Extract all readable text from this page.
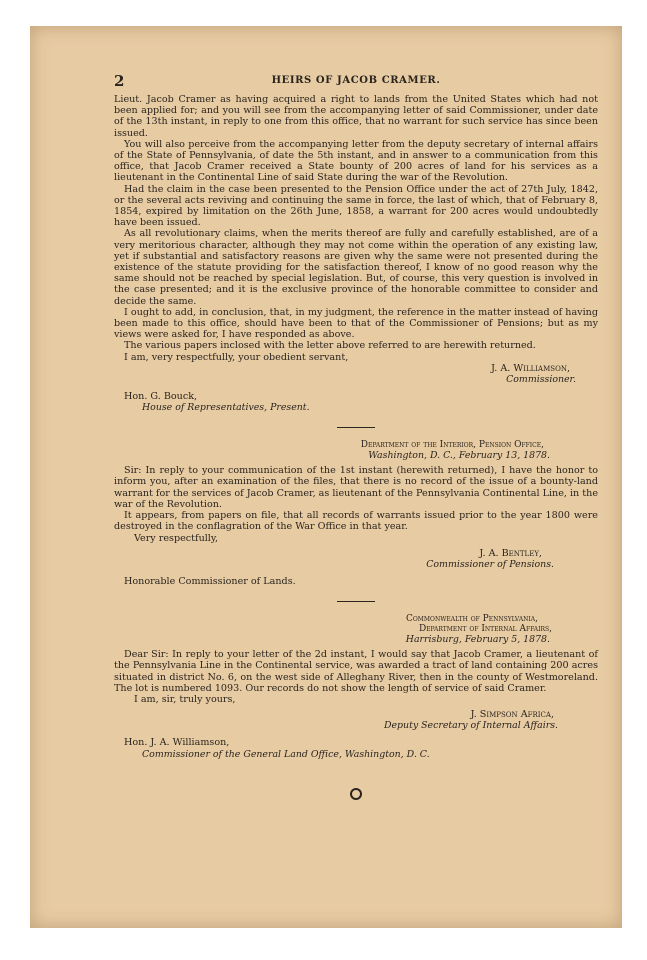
2	HEIRS OF JACOB CRAMER.

Lieut. Jacob Cramer as having acquired a right to lands from the United States which had not been applied for; and you will see from the accompanying letter of said Commissioner, under date of the 13th instant, in reply to one from this office, that no warrant for such service has since been issued.

You will also perceive from the accompanying letter from the deputy secretary of internal affairs of the State of Pennsylvania, of date the 5th instant, and in answer to a communication from this office, that Jacob Cramer received a State bounty of 200 acres of land for his services as a lieutenant in the Continental Line of said State during the war of the Revolution.

Had the claim in the case been presented to the Pension Office under the act of 27th July, 1842, or the several acts reviving and continuing the same in force, the last of which, that of February 8, 1854, expired by limitation on the 26th June, 1858, a warrant for 200 acres would undoubtedly have been issued.

As all revolutionary claims, when the merits thereof are fully and carefully established, are of a very meritorious character, although they may not come within the operation of any existing law, yet if substantial and satisfactory reasons are given why the same were not presented during the existence of the statute providing for the satisfaction thereof, I know of no good reason why the same should not be reached by special legislation. But, of course, this very question is involved in the case presented; and it is the exclusive province of the honorable committee to consider and decide the same.

I ought to add, in conclusion, that, in my judgment, the reference in the matter instead of having been made to this office, should have been to that of the Commissioner of Pensions; but as my views were asked for, I have responded as above.

The various papers inclosed with the letter above referred to are herewith returned.

I am, very respectfully, your obedient servant,

J. A. Williamson,
Commissioner.
Hon. G. Bouck,
House of Representatives, Present.
Department of the Interior, Pension Office,
Washington, D. C., February 13, 1878.

Sir: In reply to your communication of the 1st instant (herewith returned), I have the honor to inform you, after an examination of the files, that there is no record of the issue of a bounty-land warrant for the services of Jacob Cramer, as lieutenant of the Pennsylvania Continental Line, in the war of the Revolution.

It appears, from papers on file, that all records of warrants issued prior to the year 1800 were destroyed in the conflagration of the War Office in that year.

Very respectfully,

J. A. Bentley,
Commissioner of Pensions.
Honorable Commissioner of Lands.
Commonwealth of Pennsylvania,
Department of Internal Affairs,
Harrisburg, February 5, 1878.

Dear Sir: In reply to your letter of the 2d instant, I would say that Jacob Cramer, a lieutenant of the Pennsylvania Line in the Continental service, was awarded a tract of land containing 200 acres situated in district No. 6, on the west side of Alleghany River, then in the county of Westmoreland. The lot is numbered 1093. Our records do not show the length of service of said Cramer.

I am, sir, truly yours,

J. Simpson Africa,
Deputy Secretary of Internal Affairs.
Hon. J. A. Williamson,
Commissioner of the General Land Office, Washington, D. C.
